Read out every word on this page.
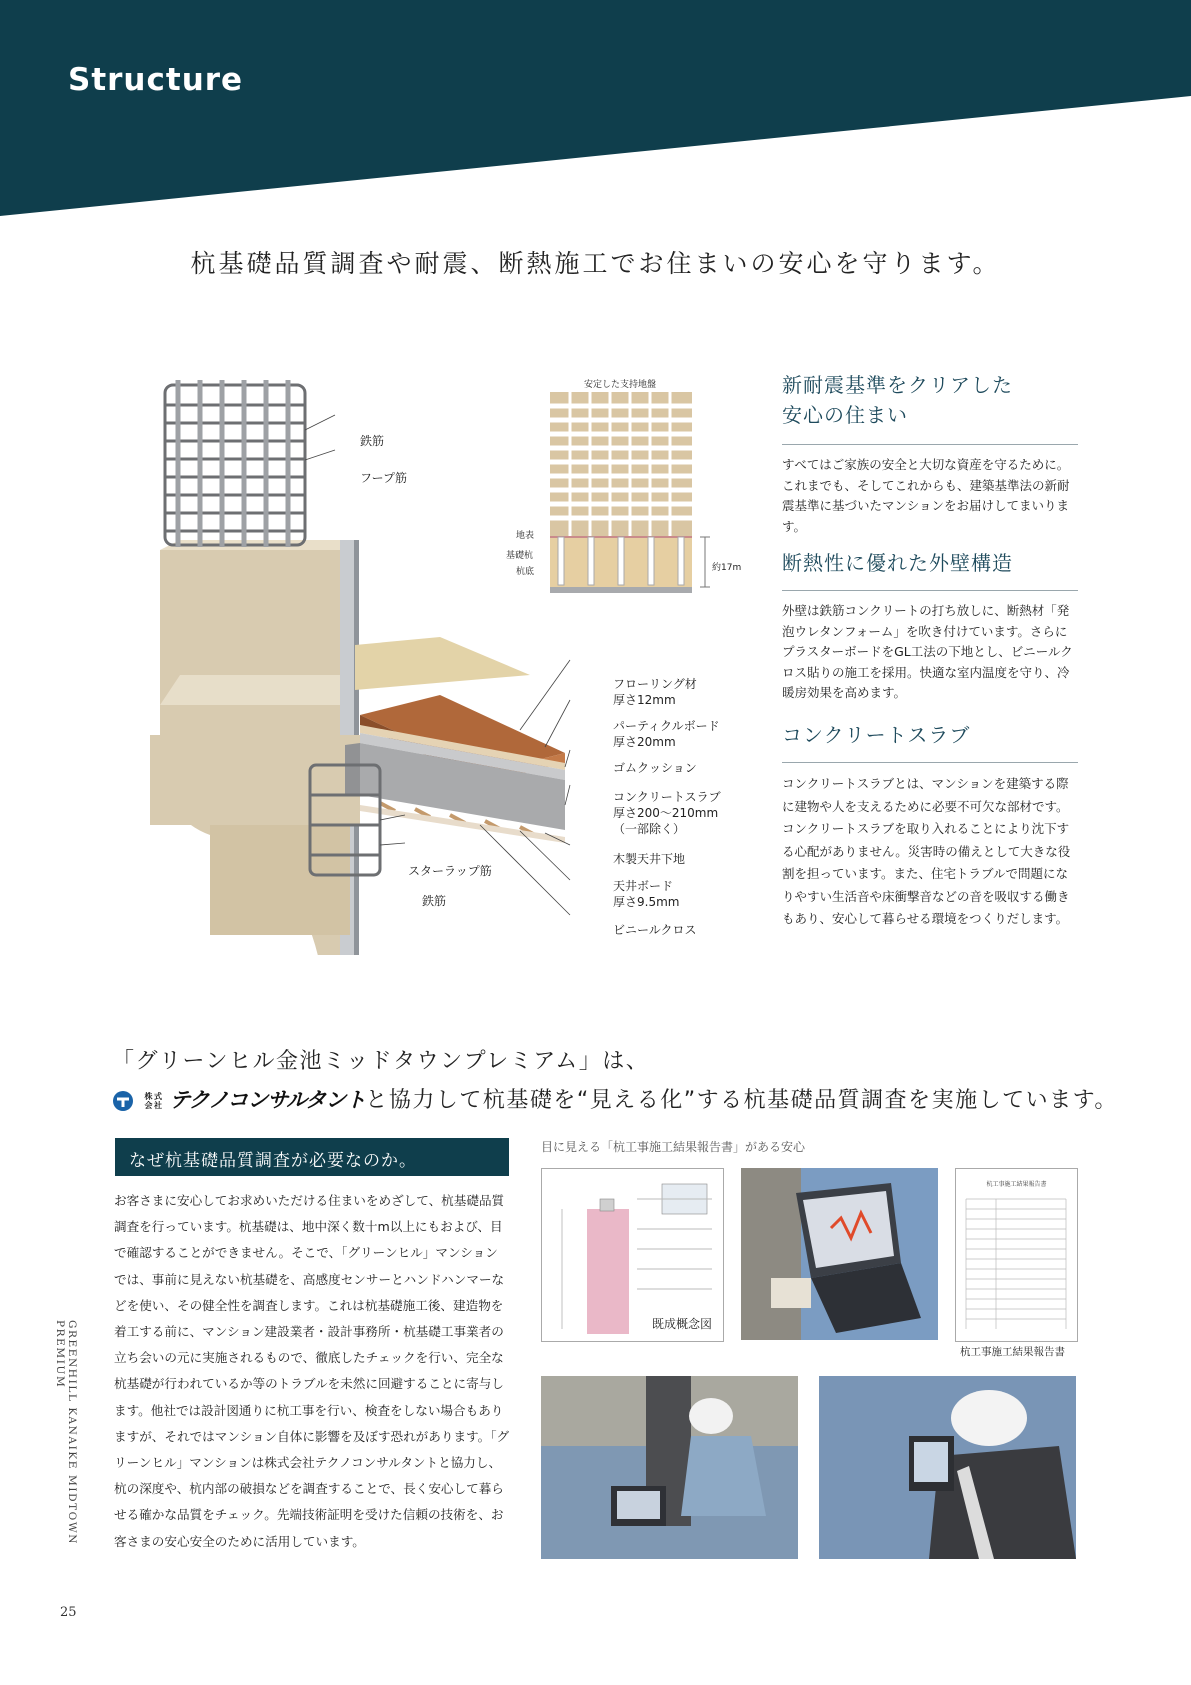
Structure
杭基礎品質調査や耐震、断熱施工でお住まいの安心を守ります。
安定した支持地盤
地表
基礎杭
杭底	約17m
鉄筋
フープ筋
スターラップ筋
鉄筋
フローリング材
厚さ12mm
パーティクルボード
厚さ20mm
ゴムクッション
コンクリートスラブ
厚さ200～210mm
（一部除く）
木製天井下地
天井ボード
厚さ9.5mm
ビニールクロス
新耐震基準をクリアした
安心の住まい
すべてはご家族の安全と大切な資産を守るために。これまでも、そしてこれからも、建築基準法の新耐震基準に基づいたマンションをお届けしてまいります。
断熱性に優れた外壁構造
外壁は鉄筋コンクリートの打ち放しに、断熱材「発泡ウレタンフォーム」を吹き付けています。さらにプラスターボードをGL工法の下地とし、ビニールクロス貼りの施工を採用。快適な室内温度を守り、冷暖房効果を高めます。
コンクリートスラブ
コンクリートスラブとは、マンションを建築する際に建物や人を支えるために必要不可欠な部材です。コンクリートスラブを取り入れることにより沈下する心配がありません。災害時の備えとして大きな役割を担っています。また、住宅トラブルで問題になりやすい生活音や床衝撃音などの音を吸収する働きもあり、安心して暮らせる環境をつくりだします。
「グリーンヒル金池ミッドタウンプレミアム」は、
株式
会社 テクノコンサルタントと協力して杭基礎を“見える化”する杭基礎品質調査を実施しています。
なぜ杭基礎品質調査が必要なのか。
お客さまに安心してお求めいただける住まいをめざして、杭基礎品質調査を行っています。杭基礎は、地中深く数十m以上にもおよび、目で確認することができません。そこで、「グリーンヒル」マンションでは、事前に見えない杭基礎を、高感度センサーとハンドハンマーなどを使い、その健全性を調査します。これは杭基礎施工後、建造物を着工する前に、マンション建設業者・設計事務所・杭基礎工事業者の立ち会いの元に実施されるもので、徹底したチェックを行い、完全な杭基礎が行われているか等のトラブルを未然に回避することに寄与します。他社では設計図通りに杭工事を行い、検査をしない場合もありますが、それではマンション自体に影響を及ぼす恐れがあります。「グリーンヒル」マンションは株式会社テクノコンサルタントと協力し、杭の深度や、杭内部の破損などを調査することで、長く安心して暮らせる確かな品質をチェック。先端技術証明を受けた信頼の技術を、お客さまの安心安全のために活用しています。
目に見える「杭工事施工結果報告書」がある安心
既成概念図
杭工事施工結果報告書
杭工事施工結果報告書
GREENHILL KANAIKE MIDTOWN PREMIUM
25
